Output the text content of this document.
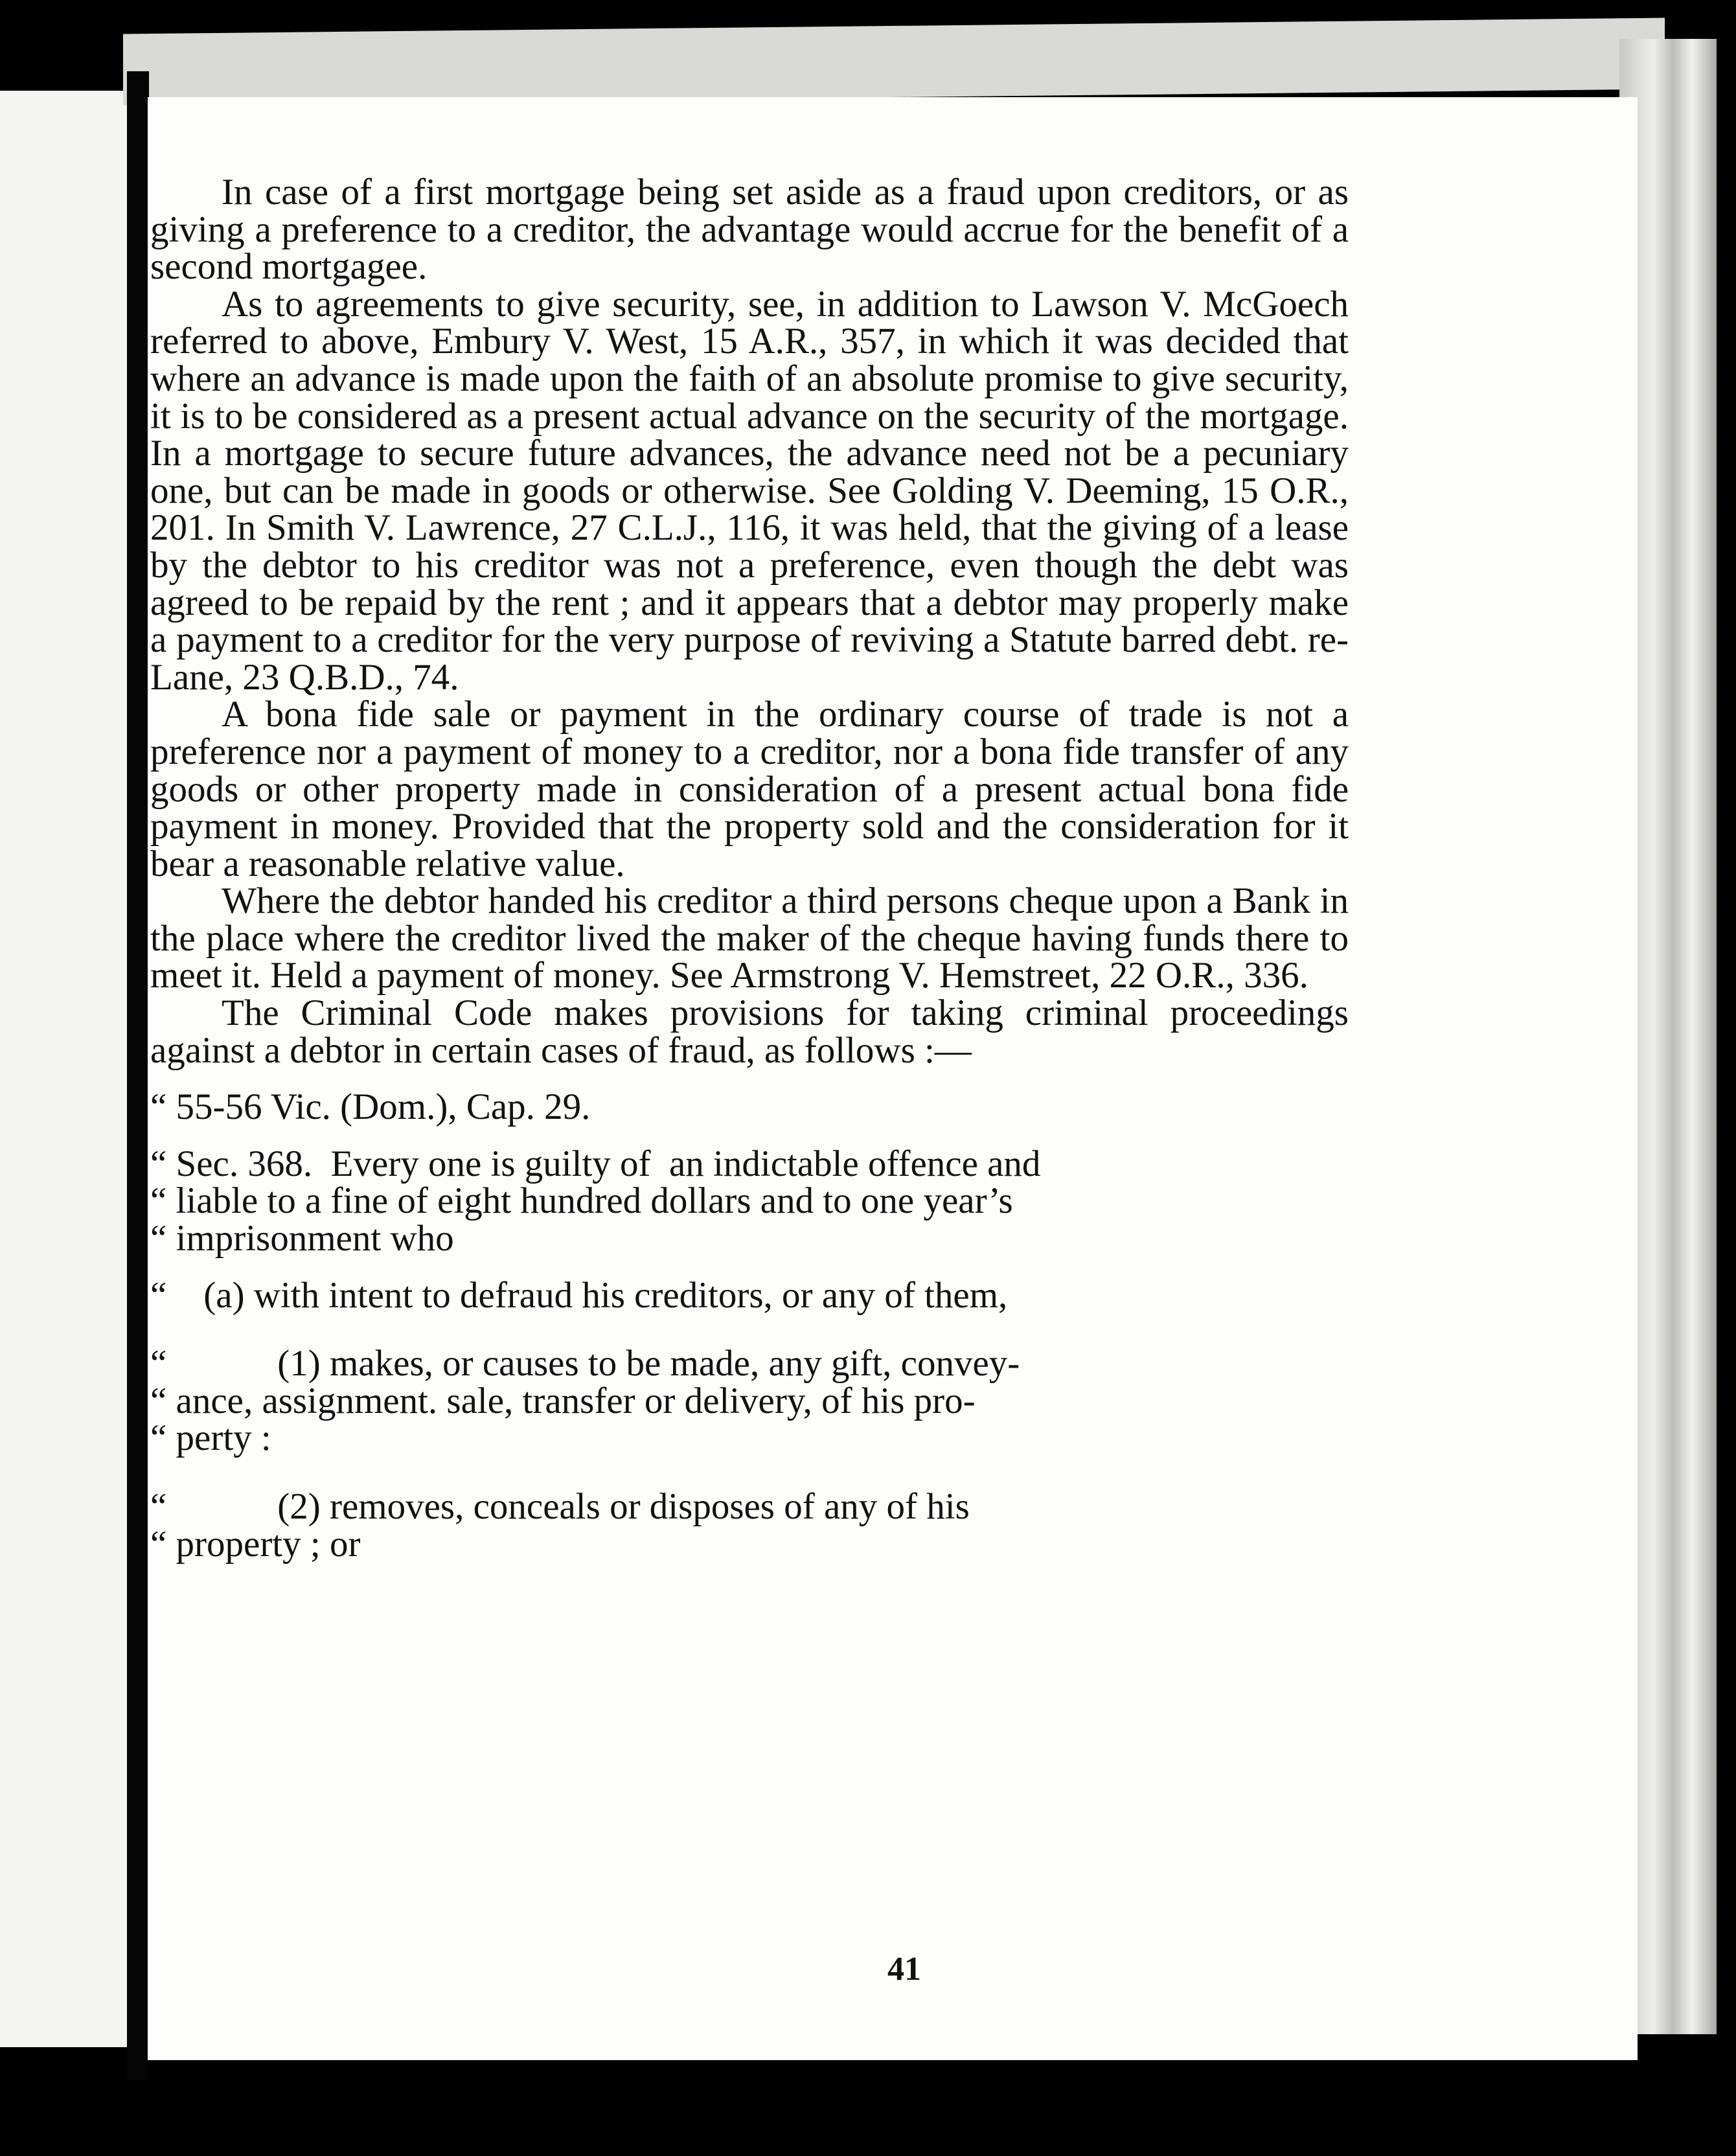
In case of a first mortgage being set aside as a fraud upon creditors, or as giving a preference to a creditor, the advantage would accrue for the benefit of a second mortgagee.

As to agreements to give security, see, in addition to Lawson V. McGoech referred to above, Embury V. West, 15 A.R., 357, in which it was decided that where an advance is made upon the faith of an absolute promise to give security, it is to be considered as a present actual advance on the security of the mortgage. In a mortgage to secure future advances, the advance need not be a pecuniary one, but can be made in goods or otherwise. See Golding V. Deeming, 15 O.R., 201. In Smith V. Lawrence, 27 C.L.J., 116, it was held, that the giving of a lease by the debtor to his creditor was not a preference, even though the debt was agreed to be repaid by the rent ; and it appears that a debtor may properly make a payment to a creditor for the very purpose of reviving a Statute barred debt. re-Lane, 23 Q.B.D., 74.

A bona fide sale or payment in the ordinary course of trade is not a preference nor a payment of money to a creditor, nor a bona fide transfer of any goods or other property made in consideration of a present actual bona fide payment in money. Provided that the property sold and the consideration for it bear a reasonable relative value.

Where the debtor handed his creditor a third persons cheque upon a Bank in the place where the creditor lived the maker of the cheque having funds there to meet it. Held a payment of money. See Armstrong V. Hemstreet, 22 O.R., 336.

The Criminal Code makes provisions for taking criminal proceedings against a debtor in certain cases of fraud, as follows :—

“ 55-56 Vic. (Dom.), Cap. 29.
“ Sec. 368.  Every one is guilty of  an indictable offence and
“ liable to a fine of eight hundred dollars and to one year’s
“ imprisonment who
“    (a) with intent to defraud his creditors, or any of them,
“            (1) makes, or causes to be made, any gift, convey-
“ ance, assignment. sale, transfer or delivery, of his pro-
“ perty :
“            (2) removes, conceals or disposes of any of his
“ property ; or
41
